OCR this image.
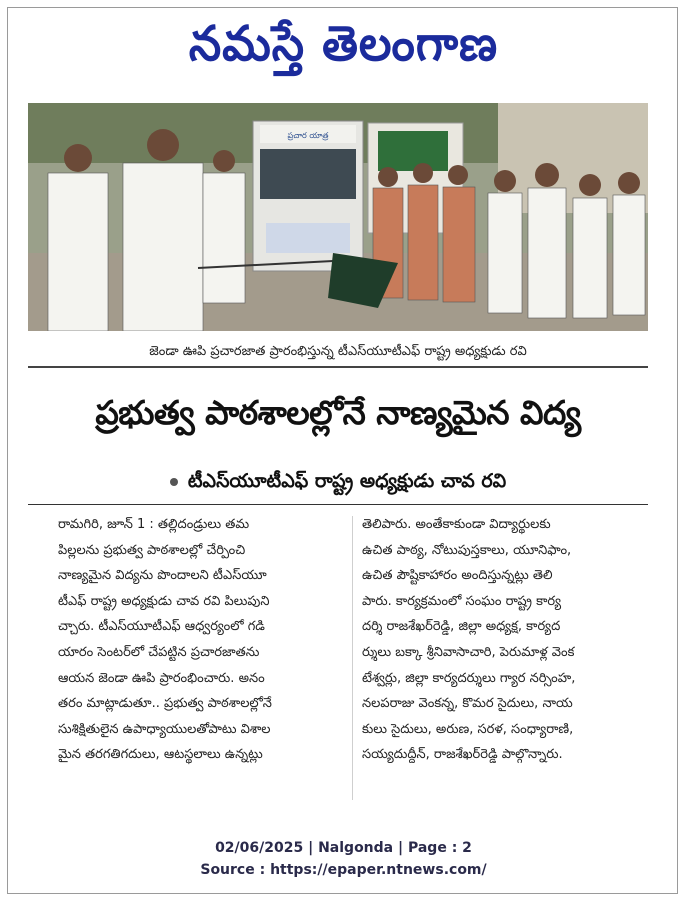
నమస్తే తెలంగాణ
ప్రచార యాత్ర
జెండా ఊపి ప్రచారజాత ప్రారంభిస్తున్న టీఎస్‌యూటీఎఫ్ రాష్ట్ర అధ్యక్షుడు రవి
ప్రభుత్వ పాఠశాలల్లోనే నాణ్యమైన విద్య
టీఎస్‌యూటీఎఫ్ రాష్ట్ర అధ్యక్షుడు చావ రవి
రామగిరి, జూన్ 1 : తల్లిదండ్రులు తమ
పిల్లలను ప్రభుత్వ పాఠశాలల్లో చేర్పించి
నాణ్యమైన విద్యను పొందాలని టీఎస్‌యూ
టీఎఫ్ రాష్ట్ర అధ్యక్షుడు చావ రవి పిలుపుని
చ్చారు. టీఎస్‌యూటీఎఫ్ ఆధ్వర్యంలో గడి
యారం సెంటర్‌లో చేపట్టిన ప్రచారజాతను
ఆయన జెండా ఊపి ప్రారంభించారు. అనం
తరం మాట్లాడుతూ.. ప్రభుత్వ పాఠశాలల్లోనే
సుశిక్షితులైన ఉపాధ్యాయులతోపాటు విశాల
మైన తరగతిగదులు, ఆటస్థలాలు ఉన్నట్లు
తెలిపారు. అంతేకాకుండా విద్యార్థులకు
ఉచిత పాఠ్య, నోటుపుస్తకాలు, యూనిఫాం,
ఉచిత పౌష్టికాహారం అందిస్తున్నట్లు తెలి
పారు. కార్యక్రమంలో సంఘం రాష్ట్ర కార్య
దర్శి రాజశేఖర్‌రెడ్డి, జిల్లా అధ్యక్ష, కార్యద
ర్శులు బక్కా శ్రీనివాసాచారి, పెరుమాళ్ల వెంక
టేశ్వర్లు, జిల్లా కార్యదర్శులు గ్యార నర్సింహ,
నలపరాజు వెంకన్న, కొమర సైదులు, నాయ
కులు సైదులు, అరుణ, సరళ, సంధ్యారాణి,
సయ్యదుద్దీన్, రాజశేఖర్‌రెడ్డి పాల్గొన్నారు.
02/06/2025 | Nalgonda | Page : 2
Source : https://epaper.ntnews.com/
